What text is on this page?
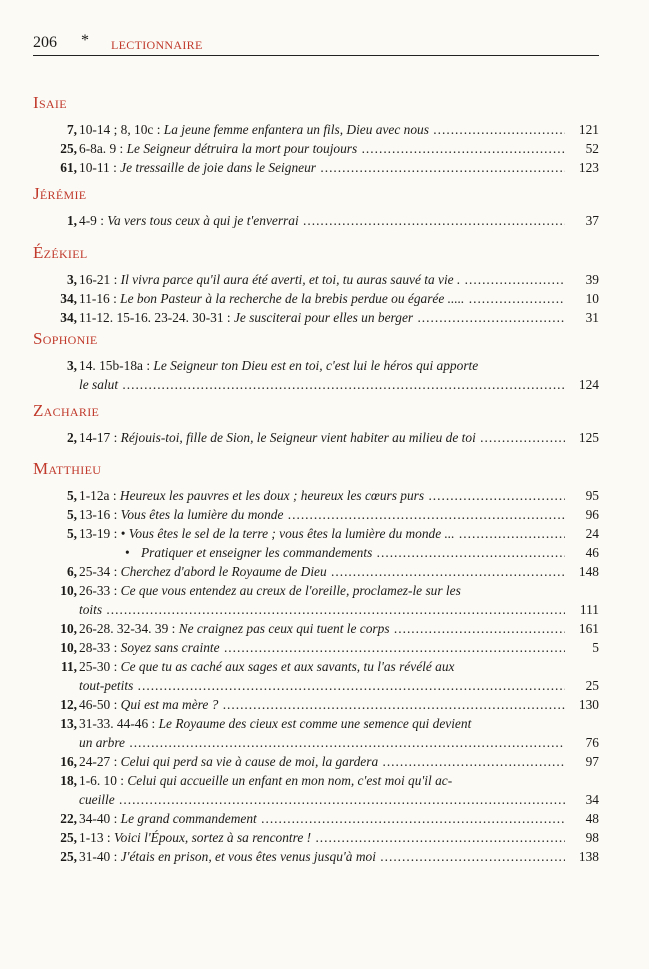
206 * LECTIONNAIRE
Isaie
7, 10-14 ; 8, 10c : La jeune femme enfantera un fils, Dieu avec nous .....	121
25, 6-8a. 9 : Le Seigneur détruira la mort pour toujours .....	52
61, 10-11 : Je tressaille de joie dans le Seigneur .....	123
Jérémie
1, 4-9 : Va vers tous ceux à qui je t'enverrai .....	37
Ézékiel
3, 16-21 : Il vivra parce qu'il aura été averti, et toi, tu auras sauvé ta vie . .....	39
34, 11-16 : Le bon Pasteur à la recherche de la brebis perdue ou égarée ..... .....	10
34, 11-12. 15-16. 23-24. 30-31 : Je susciterai pour elles un berger .....	31
Sophonie
3, 14. 15b-18a : Le Seigneur ton Dieu est en toi, c'est lui le héros qui apporte
le salut .....	124
Zacharie
2, 14-17 : Réjouis-toi, fille de Sion, le Seigneur vient habiter au milieu de toi .....	125
Matthieu
5, 1-12a : Heureux les pauvres et les doux ; heureux les cœurs purs .....	95
5, 13-16 : Vous êtes la lumière du monde .....	96
5, 13-19 : • Vous êtes le sel de la terre ; vous êtes la lumière du monde ... .....	24
• Pratiquer et enseigner les commandements .....	46
6, 25-34 : Cherchez d'abord le Royaume de Dieu .....	148
10, 26-33 : Ce que vous entendez au creux de l'oreille, proclamez-le sur les
toits .....	111
10, 26-28. 32-34. 39 : Ne craignez pas ceux qui tuent le corps .....	161
10, 28-33 : Soyez sans crainte .....	5
11, 25-30 : Ce que tu as caché aux sages et aux savants, tu l'as révélé aux
tout-petits .....	25
12, 46-50 : Qui est ma mère ? .....	130
13, 31-33. 44-46 : Le Royaume des cieux est comme une semence qui devient
un arbre .....	76
16, 24-27 : Celui qui perd sa vie à cause de moi, la gardera .....	97
18, 1-6. 10 : Celui qui accueille un enfant en mon nom, c'est moi qu'il ac-
cueille .....	34
22, 34-40 : Le grand commandement .....	48
25, 1-13 : Voici l'Époux, sortez à sa rencontre ! .....	98
25, 31-40 : J'étais en prison, et vous êtes venus jusqu'à moi .....	138
